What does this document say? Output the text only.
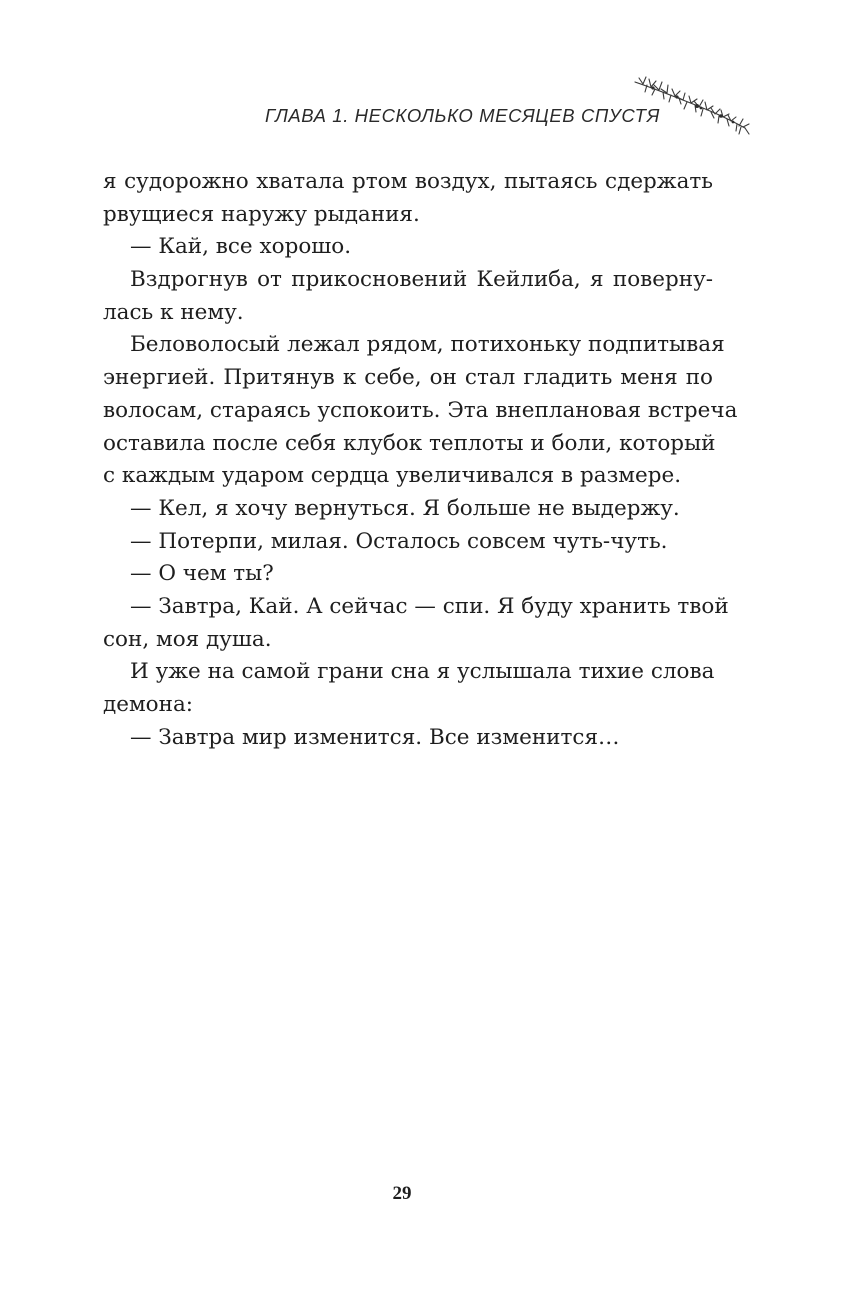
ГЛАВА 1. НЕСКОЛЬКО МЕСЯЦЕВ СПУСТЯ
я судорожно хватала ртом воздух, пытаясь сдержать
рвущиеся наружу рыдания.
— Кай, все хорошо.
Вздрогнув от прикосновений Кейлиба, я поверну-
лась к нему.
Беловолосый лежал рядом, потихоньку подпитывая
энергией. Притянув к себе, он стал гладить меня по
волосам, стараясь успокоить. Эта внеплановая встреча
оставила после себя клубок теплоты и боли, который
с каждым ударом сердца увеличивался в размере.
— Кел, я хочу вернуться. Я больше не выдержу.
— Потерпи, милая. Осталось совсем чуть-чуть.
— О чем ты?
— Завтра, Кай. А сейчас — спи. Я буду хранить твой
сон, моя душа.
И уже на самой грани сна я услышала тихие слова
демона:
— Завтра мир изменится. Все изменится…
29
